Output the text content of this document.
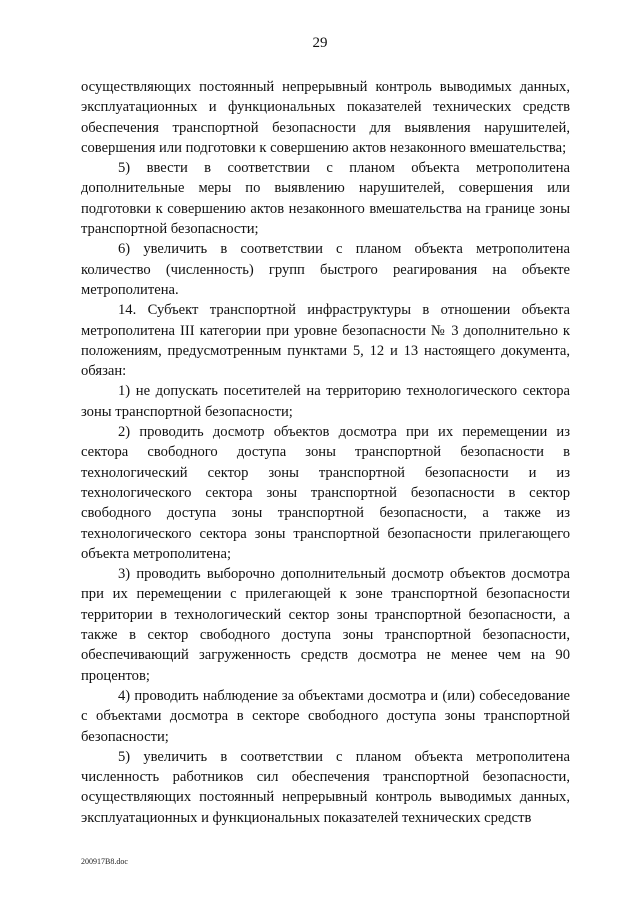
29

осуществляющих постоянный непрерывный контроль выводимых данных, эксплуатационных и функциональных показателей технических средств обеспечения транспортной безопасности для выявления нарушителей, совершения или подготовки к совершению актов незаконного вмешательства;

5) ввести в соответствии с планом объекта метрополитена дополнительные меры по выявлению нарушителей, совершения или подготовки к совершению актов незаконного вмешательства на границе зоны транспортной безопасности;

6) увеличить в соответствии с планом объекта метрополитена количество (численность) групп быстрого реагирования на объекте метрополитена.

14. Субъект транспортной инфраструктуры в отношении объекта метрополитена III категории при уровне безопасности № 3 дополнительно к положениям, предусмотренным пунктами 5, 12 и 13 настоящего документа, обязан:

1) не допускать посетителей на территорию технологического сектора зоны транспортной безопасности;

2) проводить досмотр объектов досмотра при их перемещении из сектора свободного доступа зоны транспортной безопасности в технологический сектор зоны транспортной безопасности и из технологического сектора зоны транспортной безопасности в сектор свободного доступа зоны транспортной безопасности, а также из технологического сектора зоны транспортной безопасности прилегающего объекта метрополитена;

3) проводить выборочно дополнительный досмотр объектов досмотра при их перемещении с прилегающей к зоне транспортной безопасности территории в технологический сектор зоны транспортной безопасности, а также в сектор свободного доступа зоны транспортной безопасности, обеспечивающий загруженность средств досмотра не менее чем на 90 процентов;

4) проводить наблюдение за объектами досмотра и (или) собеседование с объектами досмотра в секторе свободного доступа зоны транспортной безопасности;

5) увеличить в соответствии с планом объекта метрополитена численность работников сил обеспечения транспортной безопасности, осуществляющих постоянный непрерывный контроль выводимых данных, эксплуатационных и функциональных показателей технических средств

200917B8.doc
